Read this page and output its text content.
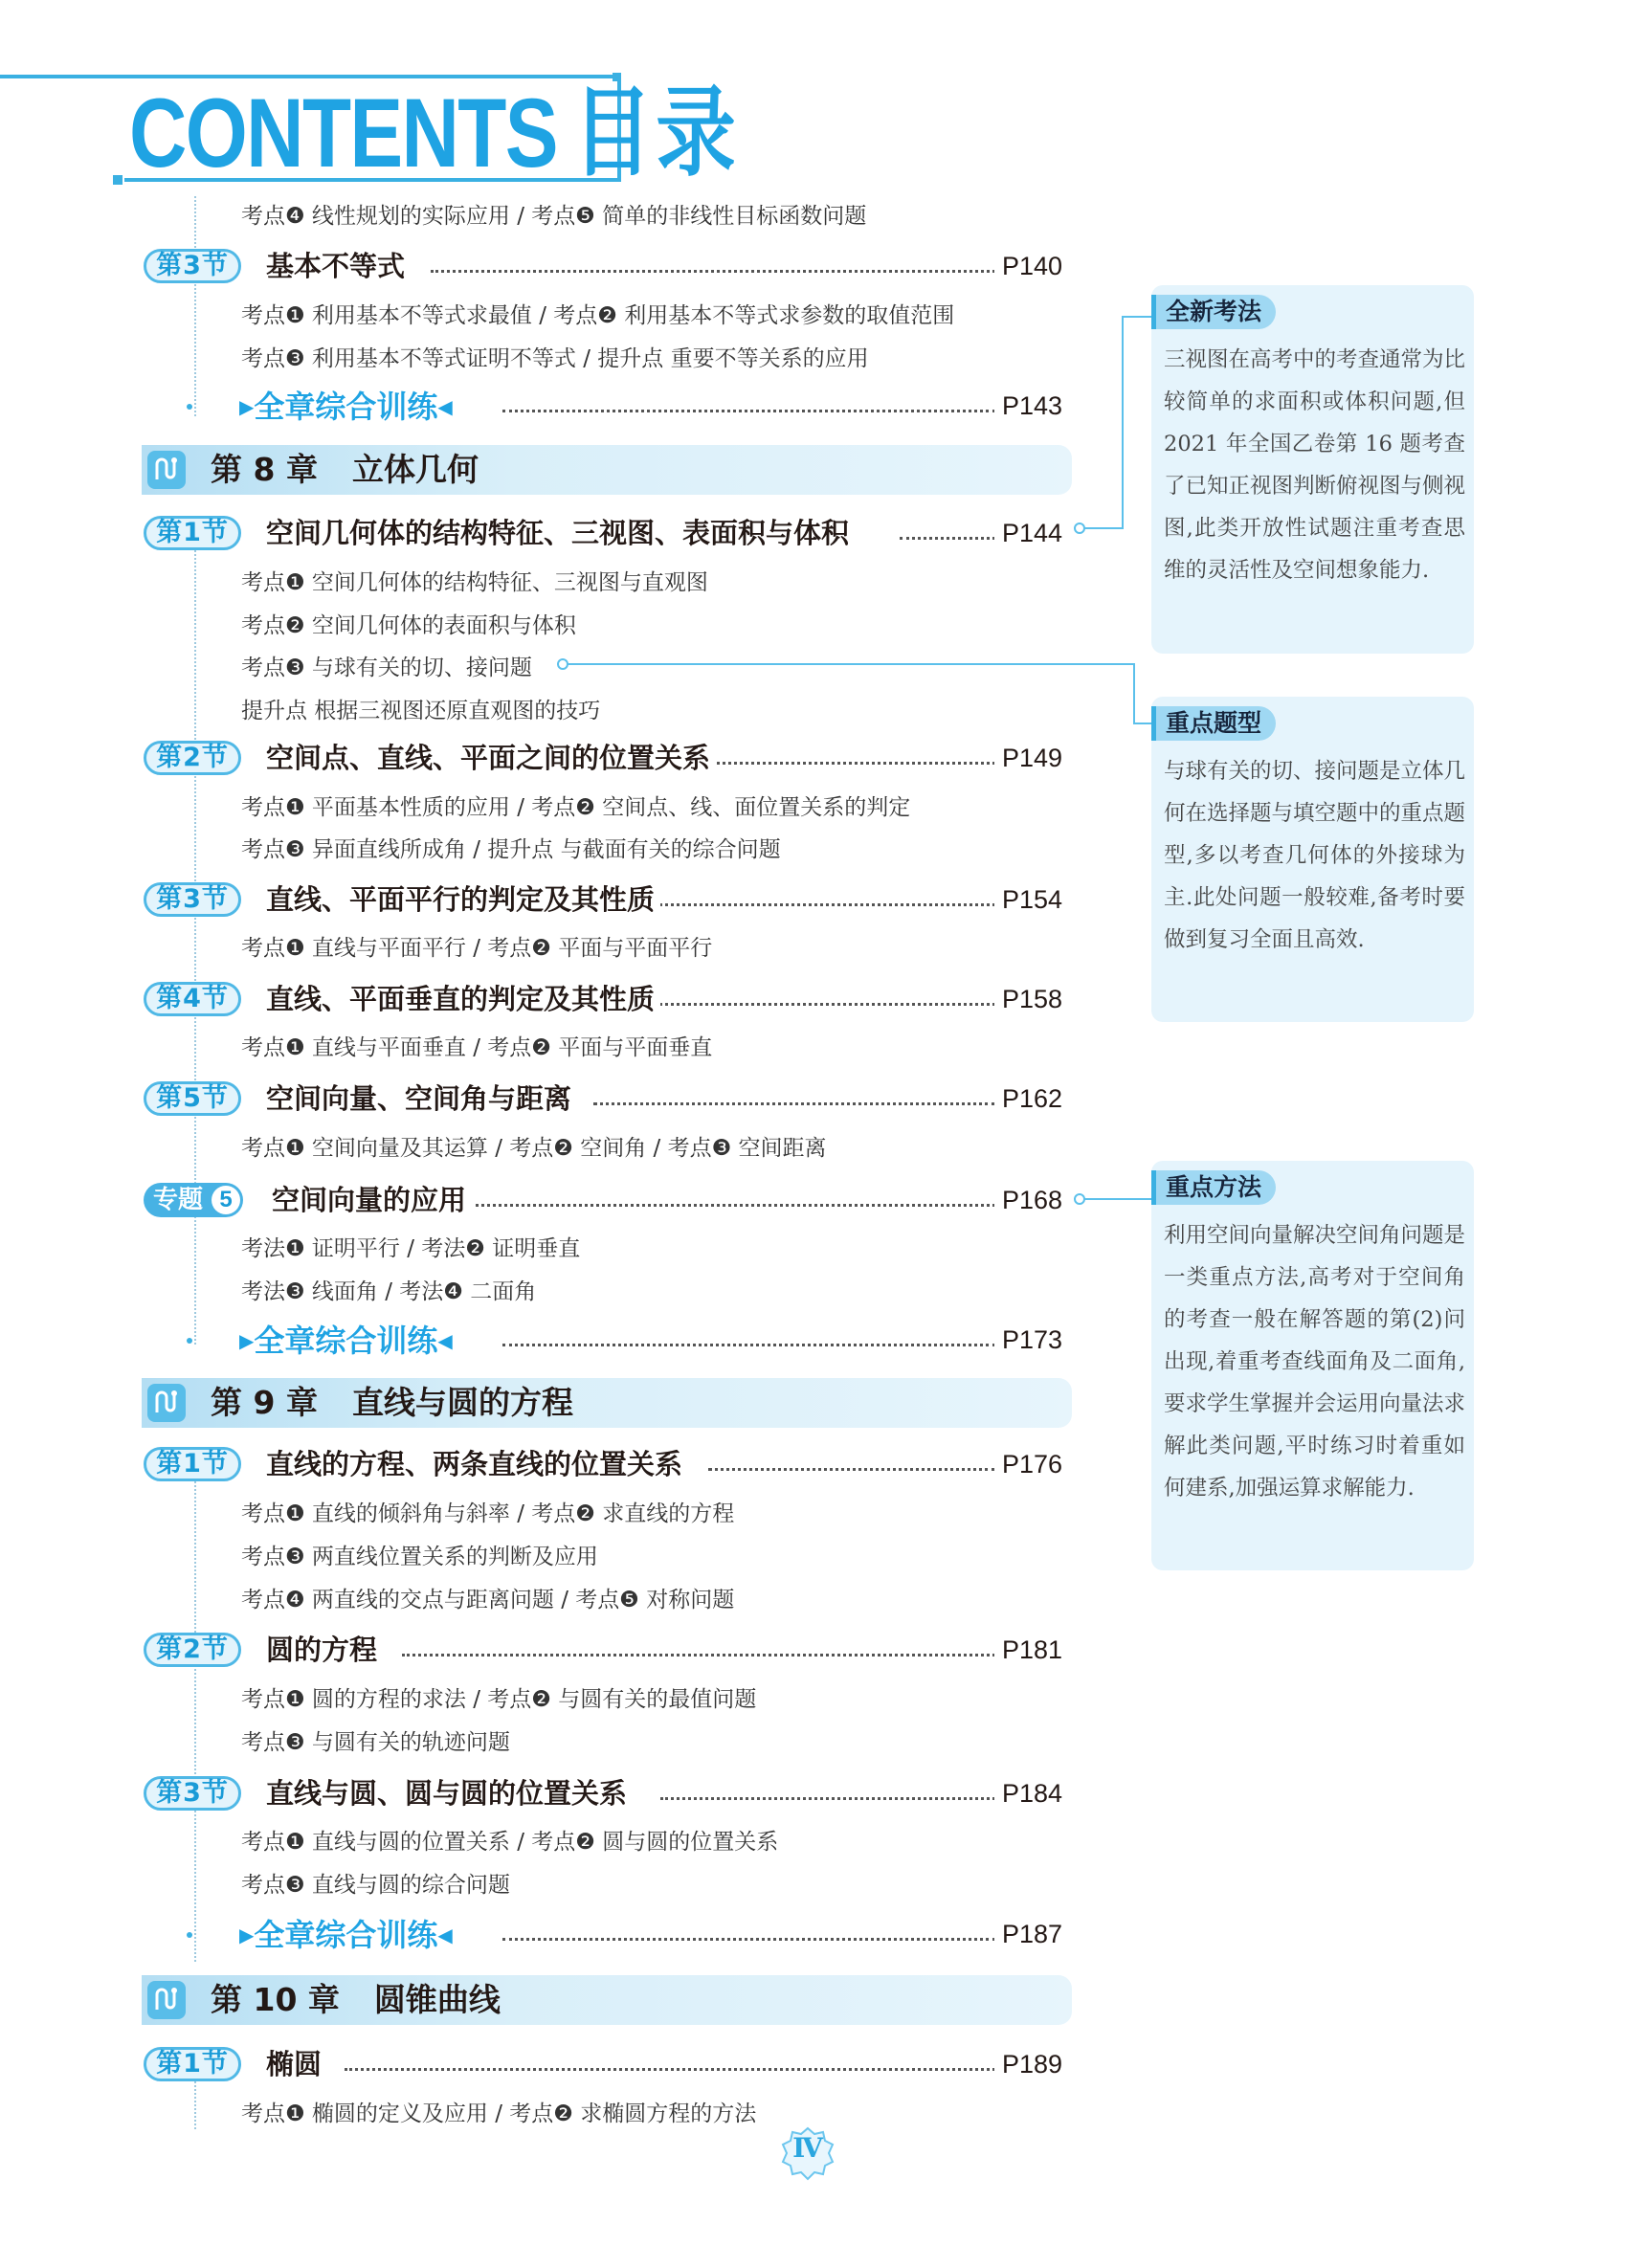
CONTENTS 目录
考点❹ 线性规划的实际应用 / 考点❺ 简单的非线性目标函数问题
第3节	基本不等式	P140
考点❶ 利用基本不等式求最值 / 考点❷ 利用基本不等式求参数的取值范围
考点❸ 利用基本不等式证明不等式 / 提升点 重要不等关系的应用
▶全章综合训练◀	P143
第 8 章 立体几何
第1节	空间几何体的结构特征、三视图、表面积与体积	P144
考点❶ 空间几何体的结构特征、三视图与直观图
考点❷ 空间几何体的表面积与体积
考点❸ 与球有关的切、接问题
提升点 根据三视图还原直观图的技巧
第2节	空间点、直线、平面之间的位置关系	P149
考点❶ 平面基本性质的应用 / 考点❷ 空间点、线、面位置关系的判定
考点❸ 异面直线所成角 / 提升点 与截面有关的综合问题
第3节	直线、平面平行的判定及其性质	P154
考点❶ 直线与平面平行 / 考点❷ 平面与平面平行
第4节	直线、平面垂直的判定及其性质	P158
考点❶ 直线与平面垂直 / 考点❷ 平面与平面垂直
第5节	空间向量、空间角与距离	P162
考点❶ 空间向量及其运算 / 考点❷ 空间角 / 考点❸ 空间距离
专题 5 空间向量的应用	P168
考法❶ 证明平行 / 考法❷ 证明垂直
考法❸ 线面角 / 考法❹ 二面角
▶全章综合训练◀	P173
第 9 章 直线与圆的方程
第1节	直线的方程、两条直线的位置关系	P176
考点❶ 直线的倾斜角与斜率 / 考点❷ 求直线的方程
考点❸ 两直线位置关系的判断及应用
考点❹ 两直线的交点与距离问题 / 考点❺ 对称问题
第2节	圆的方程	P181
考点❶ 圆的方程的求法 / 考点❷ 与圆有关的最值问题
考点❸ 与圆有关的轨迹问题
第3节	直线与圆、圆与圆的位置关系	P184
考点❶ 直线与圆的位置关系 / 考点❷ 圆与圆的位置关系
考点❸ 直线与圆的综合问题
▶全章综合训练◀	P187
第 10 章 圆锥曲线
第1节	椭圆	P189
考点❶ 椭圆的定义及应用 / 考点❷ 求椭圆方程的方法
全新考法
三视图在高考中的考查通常为比较简单的求面积或体积问题,但 2021 年全国乙卷第 16 题考查了已知正视图判断俯视图与侧视图,此类开放性试题注重考查思维的灵活性及空间想象能力.
重点题型
与球有关的切、接问题是立体几何在选择题与填空题中的重点题型,多以考查几何体的外接球为主.此处问题一般较难,备考时要做到复习全面且高效.
重点方法
利用空间向量解决空间角问题是一类重点方法,高考对于空间角的考查一般在解答题的第(2)问出现,着重考查线面角及二面角,要求学生掌握并会运用向量法求解此类问题,平时练习时着重如何建系,加强运算求解能力.
Ⅳ
